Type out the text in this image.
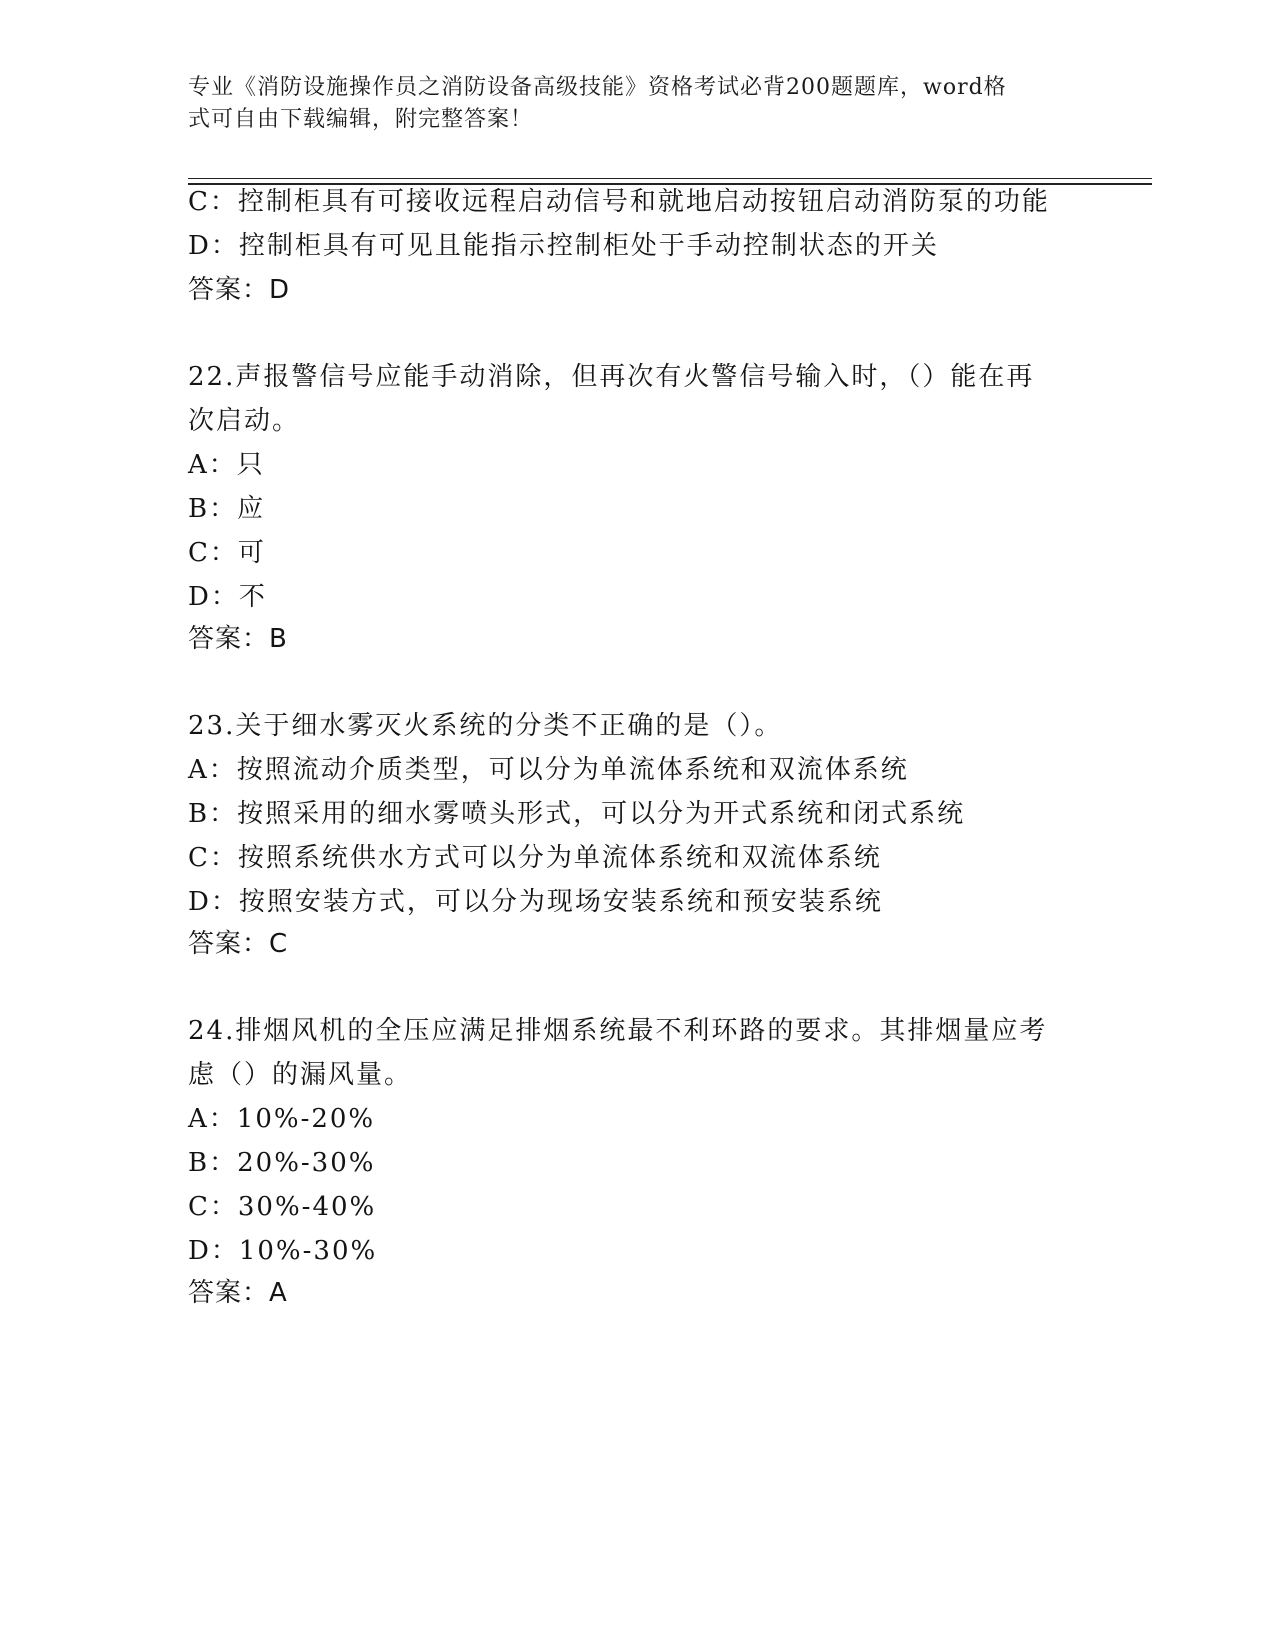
专业《消防设施操作员之消防设备高级技能》资格考试必背200题题库，word格
式可自由下载编辑，附完整答案！
C：控制柜具有可接收远程启动信号和就地启动按钮启动消防泵的功能
D：控制柜具有可见且能指示控制柜处于手动控制状态的开关
答案：D
22.声报警信号应能手动消除，但再次有火警信号输入时，（）能在再
次启动。
A：只
B：应
C：可
D：不
答案：B
23.关于细水雾灭火系统的分类不正确的是（）。
A：按照流动介质类型，可以分为单流体系统和双流体系统
B：按照采用的细水雾喷头形式，可以分为开式系统和闭式系统
C：按照系统供水方式可以分为单流体系统和双流体系统
D：按照安装方式，可以分为现场安装系统和预安装系统
答案：C
24.排烟风机的全压应满足排烟系统最不利环路的要求。其排烟量应考
虑（）的漏风量。
A：10%-20%
B：20%-30%
C：30%-40%
D：10%-30%
答案：A
